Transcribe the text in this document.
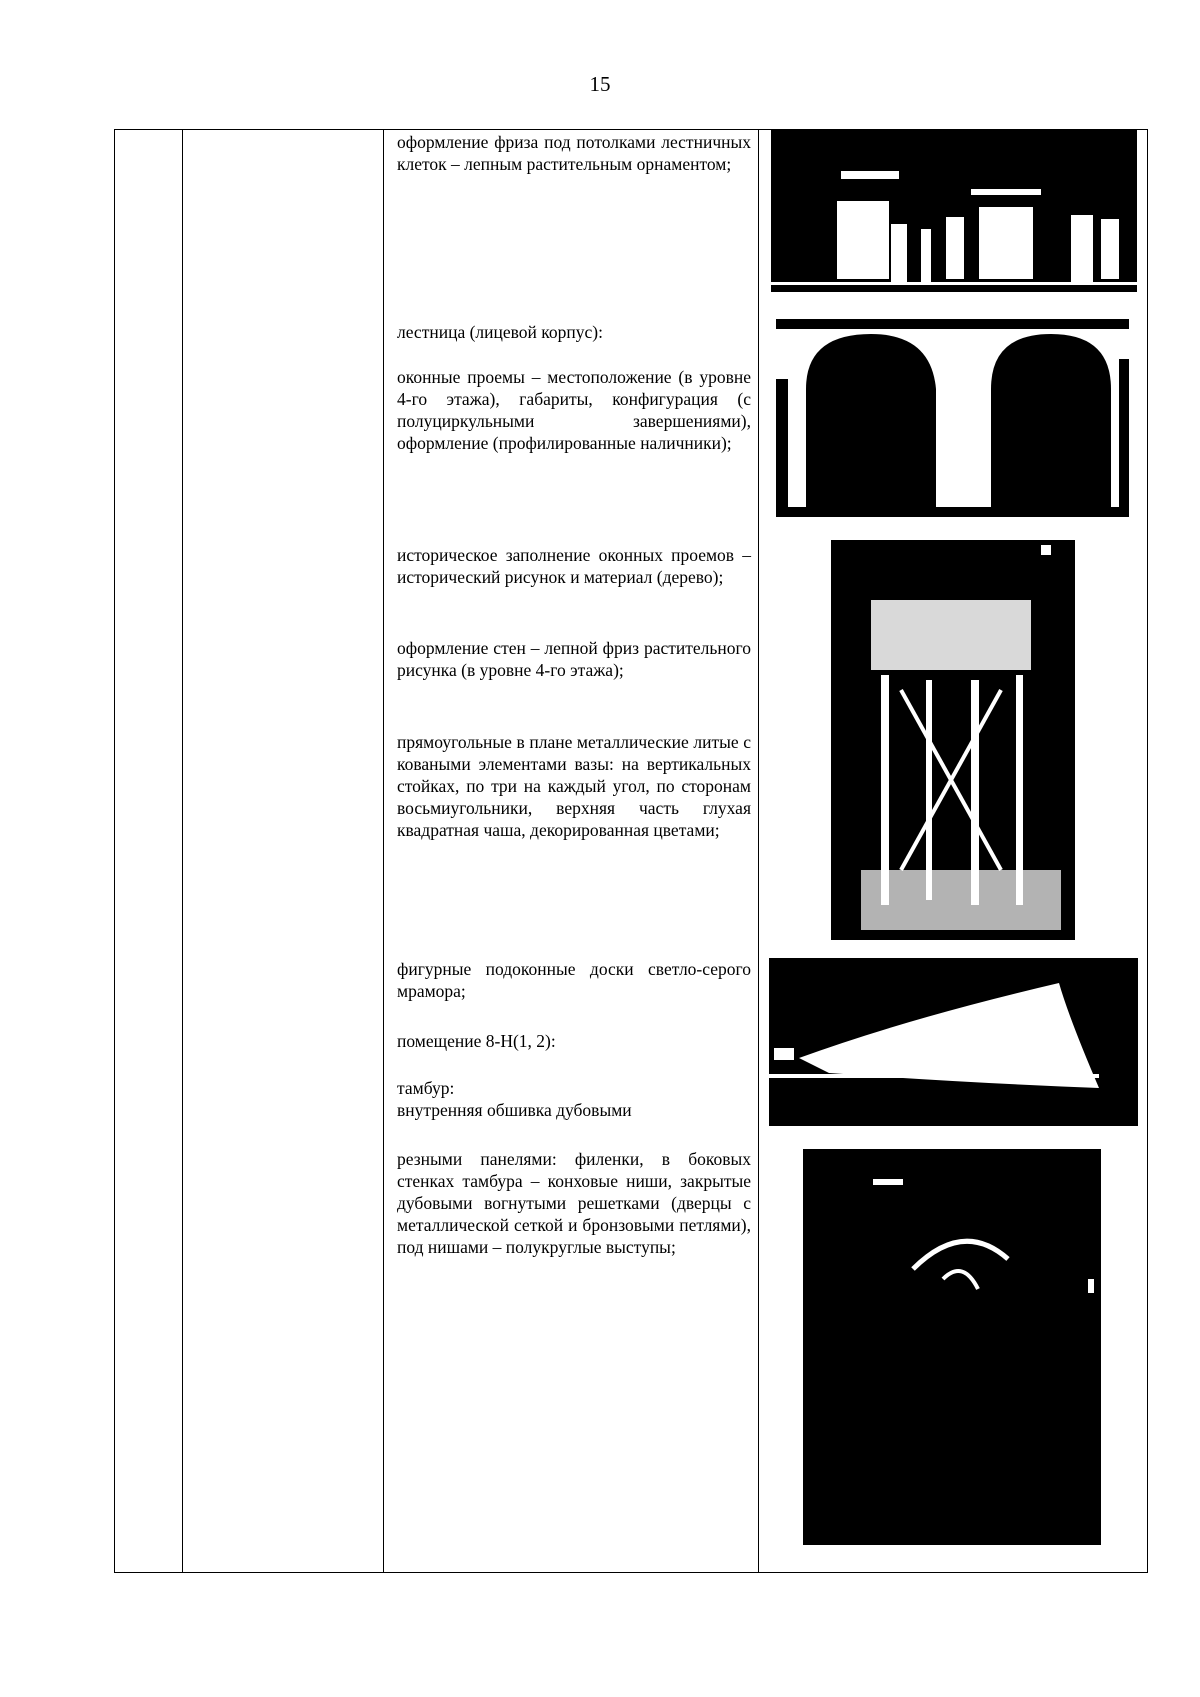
15

оформление фриза под потолками лестничных клеток – лепным растительным орнаментом;

лестница (лицевой корпус):

оконные проемы – местоположение (в уровне 4-го этажа), габариты, конфигурация (с полуциркульными завершениями), оформление (профилированные наличники);

историческое заполнение оконных проемов – исторический рисунок и материал (дерево);

оформление стен – лепной фриз растительного рисунка (в уровне 4-го этажа);

прямоугольные в плане металлические литые с коваными элементами вазы: на вертикальных стойках, по три на каждый угол, по сторонам восьмиугольники, верхняя часть глухая квадратная чаша, декорированная цветами;

фигурные подоконные доски светло-серого мрамора;

помещение 8-Н(1, 2):

тамбур:

внутренняя обшивка дубовыми

резными панелями: филенки, в боковых стенках тамбура – конховые ниши, закрытые дубовыми вогнутыми решетками (дверцы с металлической сеткой и бронзовыми петлями), под нишами – полукруглые выступы;
